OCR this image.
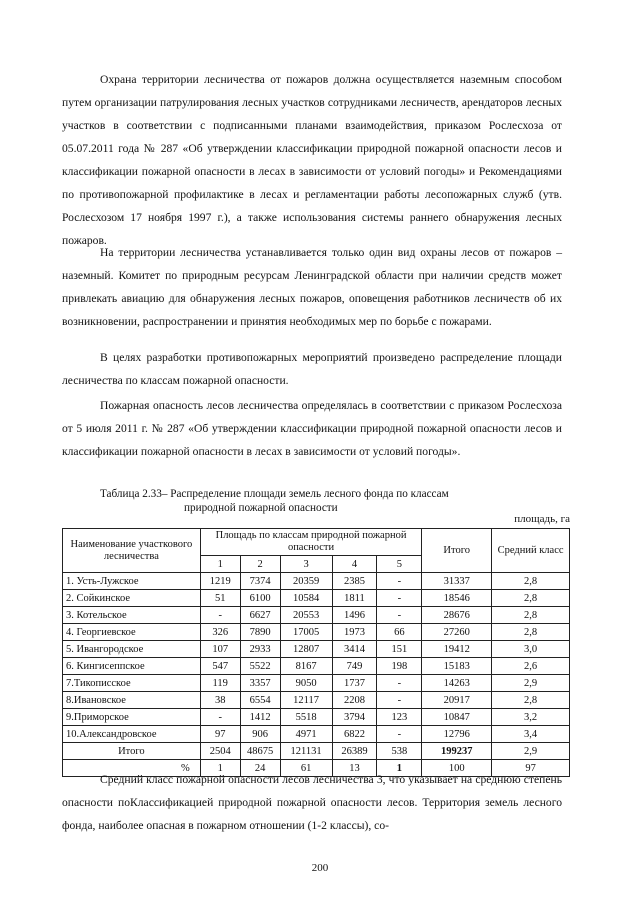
Охрана территории лесничества от пожаров должна осуществляется наземным способом путем организации патрулирования лесных участков сотрудниками лесничеств, арендаторов лесных участков в соответствии с подписанными планами взаимодействия, приказом Рослесхоза от 05.07.2011 года № 287 «Об утверждении классификации природной пожарной опасности лесов и классификации пожарной опасности в лесах в зависимости от условий погоды» и Рекомендациями по противопожарной профилактике в лесах и регламентации работы лесопожарных служб (утв. Рослесхозом 17 ноября 1997 г.), а также использования системы раннего обнаружения лесных пожаров.

На территории лесничества устанавливается только один вид охраны лесов от пожаров – наземный. Комитет по природным ресурсам Ленинградской области при наличии средств может привлекать авиацию для обнаружения лесных пожаров, оповещения работников лесничеств об их возникновении, распространении и принятия необходимых мер по борьбе с пожарами.

В целях разработки противопожарных мероприятий произведено распределение площади лесничества по классам пожарной опасности.

Пожарная опасность лесов лесничества определялась в соответствии с приказом Рослесхоза от 5 июля 2011 г. № 287 «Об утверждении классификации природной пожарной опасности лесов и классификации пожарной опасности в лесах в зависимости от условий погоды».

Таблица 2.33– Распределение площади земель лесного фонда по классам
природной пожарной опасности
площадь, га
Наименование участкового лесничества	Площадь по классам природной пожарной опасности					Итого	Средний класс
	1	2	3	4	5		
1. Усть-Лужское	1219	7374	20359	2385	-	31337	2,8
2. Сойкинское	51	6100	10584	1811	-	18546	2,8
3. Котельское	-	6627	20553	1496	-	28676	2,8
4. Георгиевское	326	7890	17005	1973	66	27260	2,8
5. Ивангородское	107	2933	12807	3414	151	19412	3,0
6. Кингисеппское	547	5522	8167	749	198	15183	2,6
7.Тикописское	119	3357	9050	1737	-	14263	2,9
8.Ивановское	38	6554	12117	2208	-	20917	2,8
9.Приморское	-	1412	5518	3794	123	10847	3,2
10.Александровское	97	906	4971	6822	-	12796	3,4
Итого	2504	48675	121131	26389	538	199237	2,9
%	1	24	61	13	1	100	97

Средний класс пожарной опасности лесов лесничества 3, что указывает на среднюю степень опасности поКлассификацией природной пожарной опасности лесов. Территория земель лесного фонда, наиболее опасная в пожарном отношении (1-2 классы), со-

200
